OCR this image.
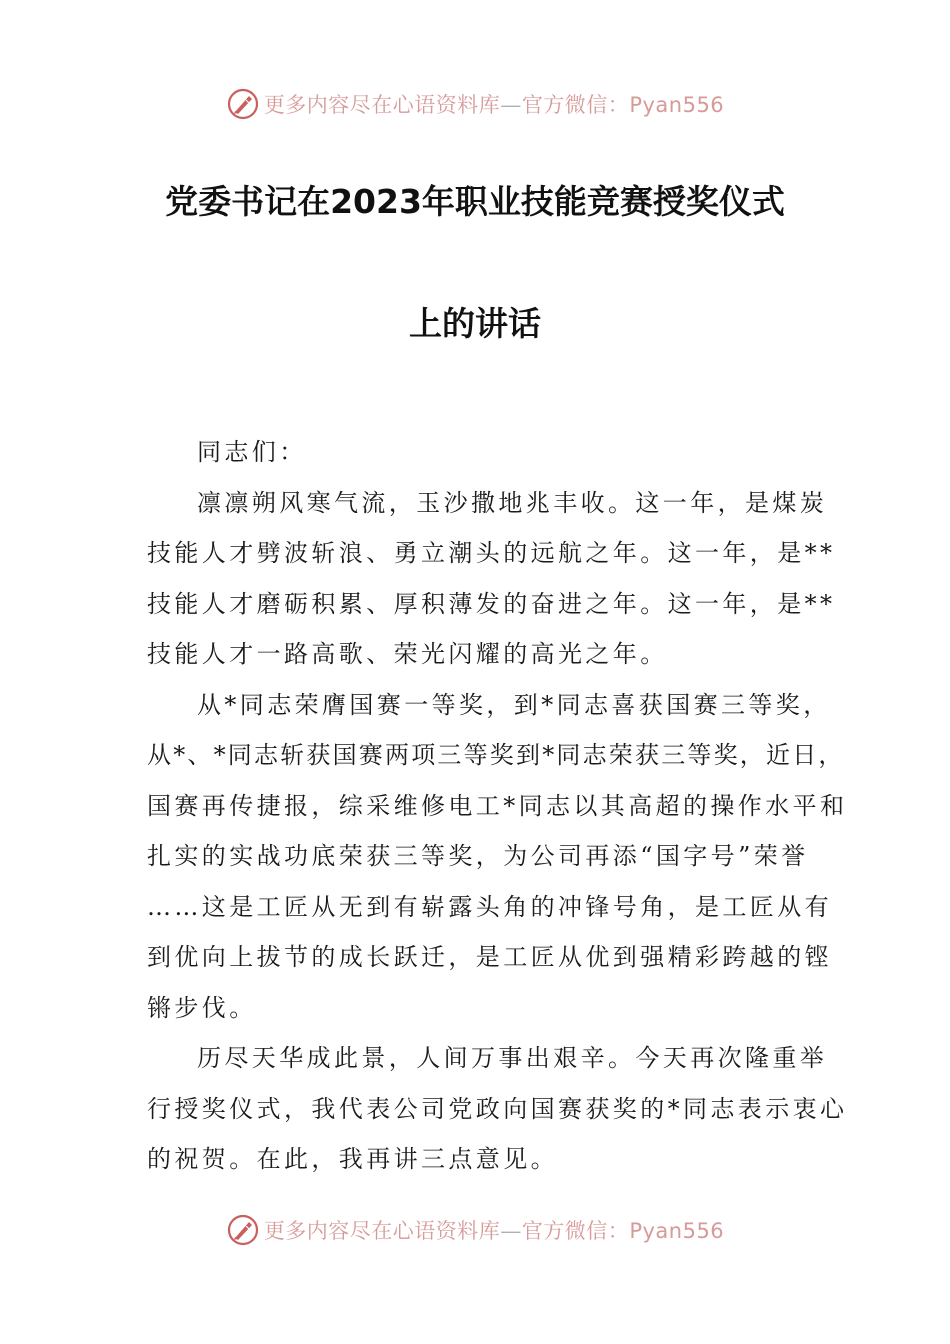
更多内容尽在心语资料库—官方微信：Pyan556
党委书记在2023年职业技能竞赛授奖仪式
上的讲话

同志们：

凛凛朔风寒气流，玉沙撒地兆丰收。这一年，是煤炭
技能人才劈波斩浪、勇立潮头的远航之年。这一年，是**
技能人才磨砺积累、厚积薄发的奋进之年。这一年，是**
技能人才一路高歌、荣光闪耀的高光之年。

从*同志荣膺国赛一等奖，到*同志喜获国赛三等奖，
从*、*同志斩获国赛两项三等奖到*同志荣获三等奖，近日，
国赛再传捷报，综采维修电工*同志以其高超的操作水平和
扎实的实战功底荣获三等奖，为公司再添“国字号”荣誉
……这是工匠从无到有崭露头角的冲锋号角，是工匠从有
到优向上拔节的成长跃迁，是工匠从优到强精彩跨越的铿
锵步伐。

历尽天华成此景，人间万事出艰辛。今天再次隆重举
行授奖仪式，我代表公司党政向国赛获奖的*同志表示衷心
的祝贺。在此，我再讲三点意见。

更多内容尽在心语资料库—官方微信：Pyan556
